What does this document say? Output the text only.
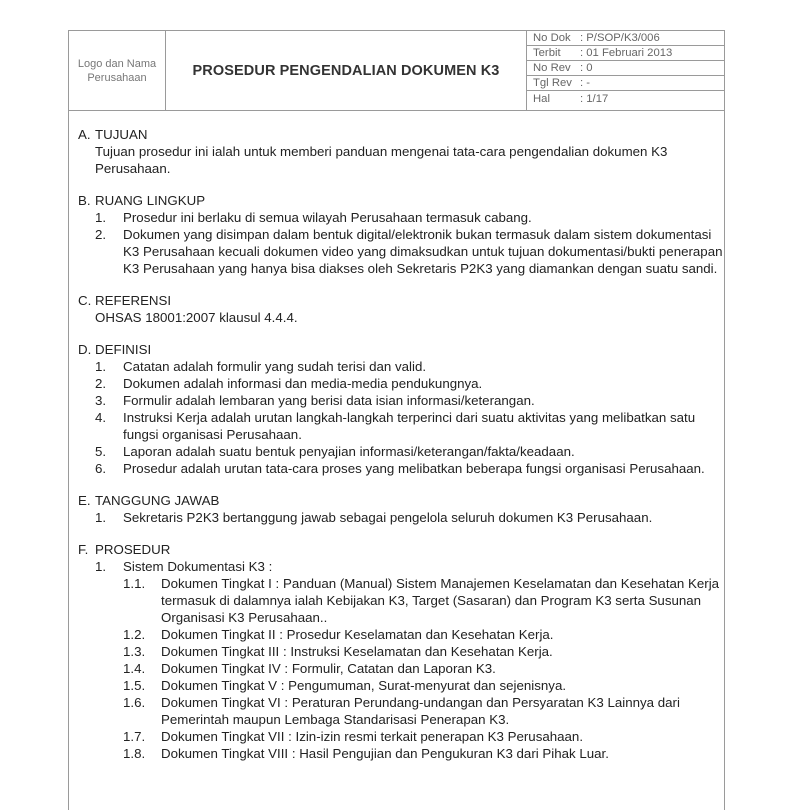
Logo dan Nama Perusahaan	PROSEDUR PENGENDALIAN DOKUMEN K3
No Dok : P/SOP/K3/006
Terbit	: 01 Februari 2013
No Rev : 0
Tgl Rev : -
Hal	: 1/17
A. TUJUAN
Tujuan prosedur ini ialah untuk memberi panduan mengenai tata-cara pengendalian dokumen K3 Perusahaan.
B. RUANG LINGKUP
1.	Prosedur ini berlaku di semua wilayah Perusahaan termasuk cabang.
2.	Dokumen yang disimpan dalam bentuk digital/elektronik bukan termasuk dalam sistem dokumentasi K3 Perusahaan kecuali dokumen video yang dimaksudkan untuk tujuan dokumentasi/bukti penerapan K3 Perusahaan yang hanya bisa diakses oleh Sekretaris P2K3 yang diamankan dengan suatu sandi.
C. REFERENSI
OHSAS 18001:2007 klausul 4.4.4.
D. DEFINISI
1.	Catatan adalah formulir yang sudah terisi dan valid.
2.	Dokumen adalah informasi dan media-media pendukungnya.
3.	Formulir adalah lembaran yang berisi data isian informasi/keterangan.
4.	Instruksi Kerja adalah urutan langkah-langkah terperinci dari suatu aktivitas yang melibatkan satu fungsi organisasi Perusahaan.
5.	Laporan adalah suatu bentuk penyajian informasi/keterangan/fakta/keadaan.
6.	Prosedur adalah urutan tata-cara proses yang melibatkan beberapa fungsi organisasi Perusahaan.
E. TANGGUNG JAWAB
1.	Sekretaris P2K3 bertanggung jawab sebagai pengelola seluruh dokumen K3 Perusahaan.
F. PROSEDUR
1.	Sistem Dokumentasi K3 :
1.1.	Dokumen Tingkat I : Panduan (Manual) Sistem Manajemen Keselamatan dan Kesehatan Kerja termasuk di dalamnya ialah Kebijakan K3, Target (Sasaran) dan Program K3 serta Susunan Organisasi K3 Perusahaan..
1.2.	Dokumen Tingkat II : Prosedur Keselamatan dan Kesehatan Kerja.
1.3.	Dokumen Tingkat III : Instruksi Keselamatan dan Kesehatan Kerja.
1.4.	Dokumen Tingkat IV : Formulir, Catatan dan Laporan K3.
1.5.	Dokumen Tingkat V : Pengumuman, Surat-menyurat dan sejenisnya.
1.6.	Dokumen Tingkat VI : Peraturan Perundang-undangan dan Persyaratan K3 Lainnya dari Pemerintah maupun Lembaga Standarisasi Penerapan K3.
1.7.	Dokumen Tingkat VII : Izin-izin resmi terkait penerapan K3 Perusahaan.
1.8.	Dokumen Tingkat VIII : Hasil Pengujian dan Pengukuran K3 dari Pihak Luar.
